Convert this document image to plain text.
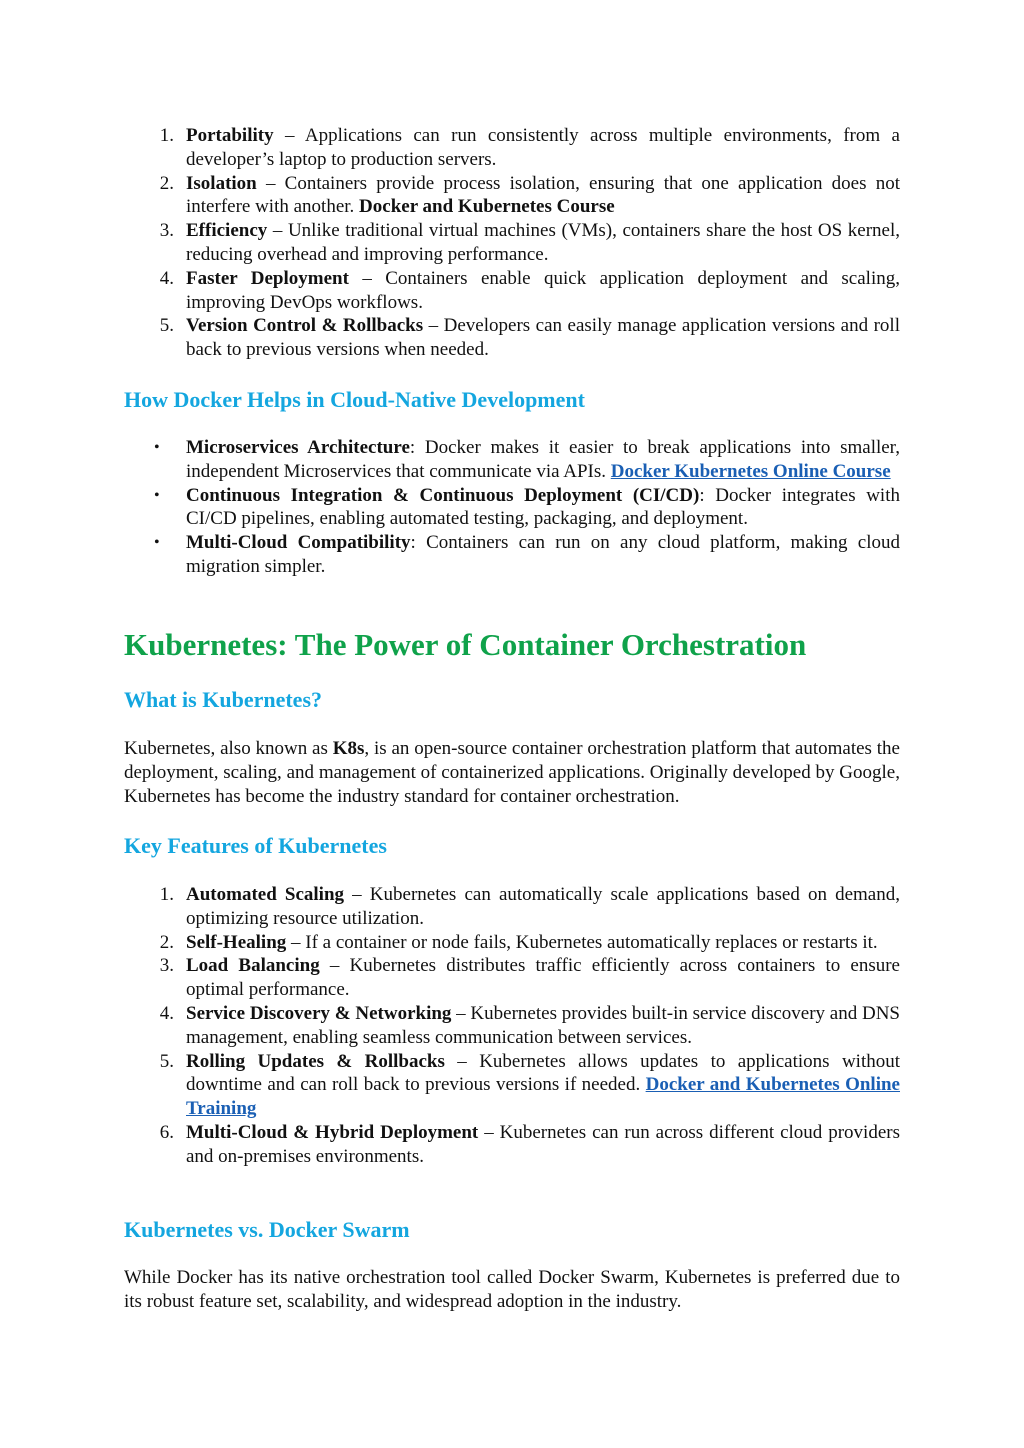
1. Portability – Applications can run consistently across multiple environments, from a developer’s laptop to production servers.
2. Isolation – Containers provide process isolation, ensuring that one application does not interfere with another. Docker and Kubernetes Course
3. Efficiency – Unlike traditional virtual machines (VMs), containers share the host OS kernel, reducing overhead and improving performance.
4. Faster Deployment – Containers enable quick application deployment and scaling, improving DevOps workflows.
5. Version Control & Rollbacks – Developers can easily manage application versions and roll back to previous versions when needed.
How Docker Helps in Cloud-Native Development
• Microservices Architecture: Docker makes it easier to break applications into smaller, independent Microservices that communicate via APIs. Docker Kubernetes Online Course
• Continuous Integration & Continuous Deployment (CI/CD): Docker integrates with CI/CD pipelines, enabling automated testing, packaging, and deployment.
• Multi-Cloud Compatibility: Containers can run on any cloud platform, making cloud migration simpler.
Kubernetes: The Power of Container Orchestration
What is Kubernetes?

Kubernetes, also known as K8s, is an open-source container orchestration platform that automates the deployment, scaling, and management of containerized applications. Originally developed by Google, Kubernetes has become the industry standard for container orchestration.

Key Features of Kubernetes
1. Automated Scaling – Kubernetes can automatically scale applications based on demand, optimizing resource utilization.
2. Self-Healing – If a container or node fails, Kubernetes automatically replaces or restarts it.
3. Load Balancing – Kubernetes distributes traffic efficiently across containers to ensure optimal performance.
4. Service Discovery & Networking – Kubernetes provides built-in service discovery and DNS management, enabling seamless communication between services.
5. Rolling Updates & Rollbacks – Kubernetes allows updates to applications without downtime and can roll back to previous versions if needed. Docker and Kubernetes Online Training
6. Multi-Cloud & Hybrid Deployment – Kubernetes can run across different cloud providers and on-premises environments.
Kubernetes vs. Docker Swarm

While Docker has its native orchestration tool called Docker Swarm, Kubernetes is preferred due to its robust feature set, scalability, and widespread adoption in the industry.
